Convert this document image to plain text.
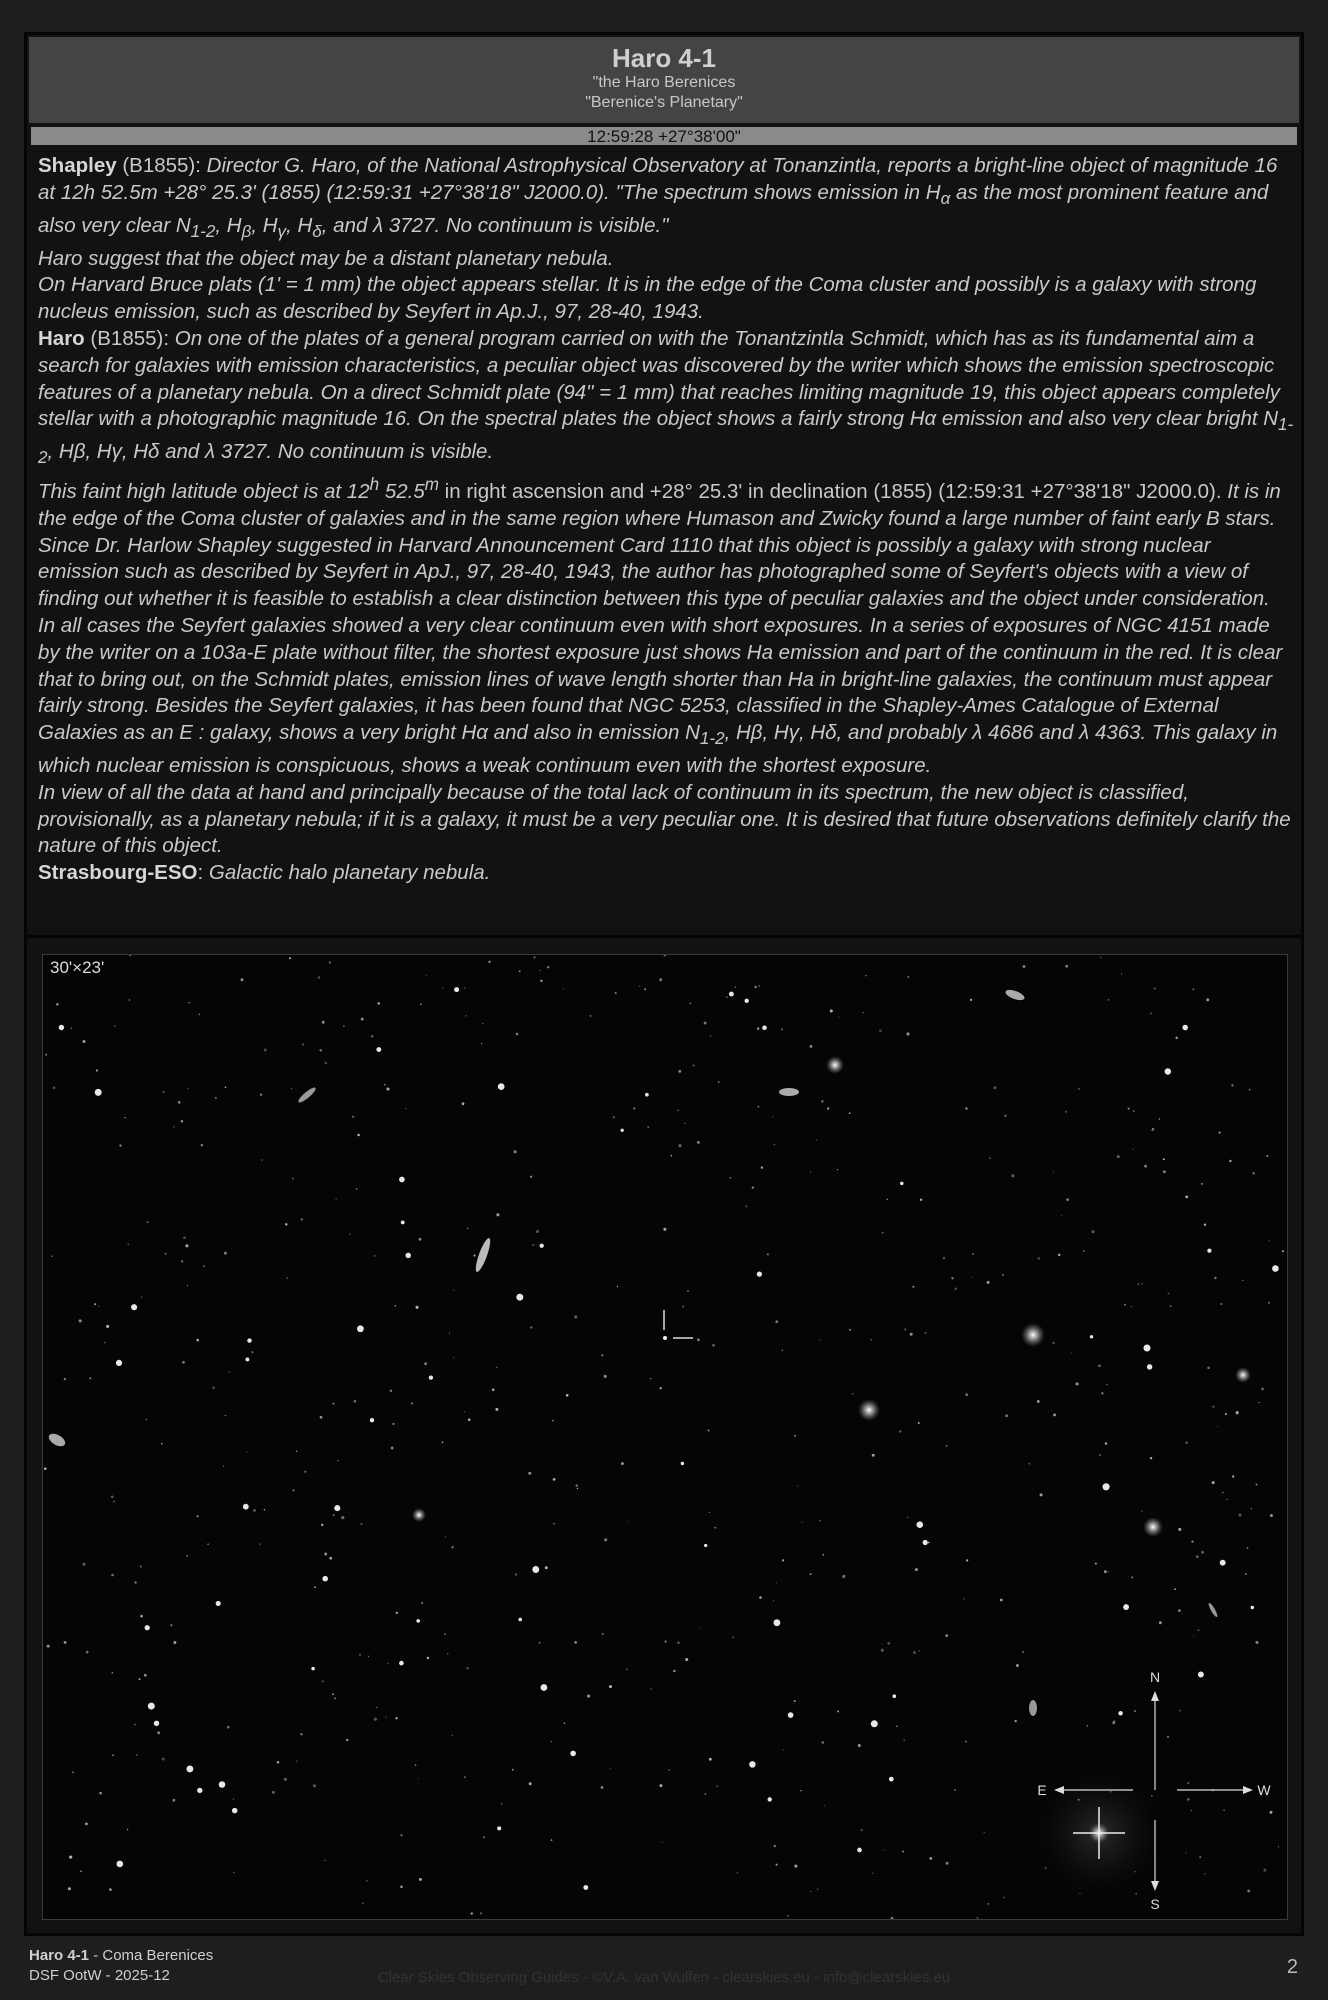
Haro 4-1
"the Haro Berenices
"Berenice's Planetary"
12:59:28 +27°38'00"

Shapley (B1855): Director G. Haro, of the National Astrophysical Observatory at Tonanzintla, reports a bright-line object of magnitude 16 at 12h 52.5m +28° 25.3' (1855) (12:59:31 +27°38'18" J2000.0). "The spectrum shows emission in $H_\alpha$ as the most prominent feature and also very clear $N_{1-2}$, $H_\beta$, $H_\gamma$, $H_\delta$, and λ 3727. No continuum is visible."

Haro suggest that the object may be a distant planetary nebula.

On Harvard Bruce plats (1' = 1 mm) the object appears stellar. It is in the edge of the Coma cluster and possibly is a galaxy with strong nucleus emission, such as described by Seyfert in Ap.J., 97, 28-40, 1943.

Haro (B1855): On one of the plates of a general program carried on with the Tonantzintla Schmidt, which has as its fundamental aim a search for galaxies with emission characteristics, a peculiar object was discovered by the writer which shows the emission spectroscopic features of a planetary nebula. On a direct Schmidt plate (94" = 1 mm) that reaches limiting magnitude 19, this object appears completely stellar with a photographic magnitude 16. On the spectral plates the object shows a fairly strong Hα emission and also very clear bright $N_{1-2}$, Hβ, Hγ, Hδ and λ 3727. No continuum is visible.

This faint high latitude object is at 12$^h$ 52.5$^m$ in right ascension and +28° 25.3' in declination (1855) (12:59:31 +27°38'18" J2000.0). It is in the edge of the Coma cluster of galaxies and in the same region where Humason and Zwicky found a large number of faint early B stars.

Since Dr. Harlow Shapley suggested in Harvard Announcement Card 1110 that this object is possibly a galaxy with strong nuclear emission such as described by Seyfert in ApJ., 97, 28-40, 1943, the author has photographed some of Seyfert's objects with a view of finding out whether it is feasible to establish a clear distinction between this type of peculiar galaxies and the object under consideration.

In all cases the Seyfert galaxies showed a very clear continuum even with short exposures. In a series of exposures of NGC 4151 made by the writer on a 103a-E plate without filter, the shortest exposure just shows Ha emission and part of the continuum in the red. It is clear that to bring out, on the Schmidt plates, emission lines of wave length shorter than Ha in bright-line galaxies, the continuum must appear fairly strong. Besides the Seyfert galaxies, it has been found that NGC 5253, classified in the Shapley-Ames Catalogue of External Galaxies as an E : galaxy, shows a very bright Hα and also in emission $N_{1-2}$, Hβ, Hγ, Hδ, and probably λ 4686 and λ 4363. This galaxy in which nuclear emission is conspicuous, shows a weak continuum even with the shortest exposure.

In view of all the data at hand and principally because of the total lack of continuum in its spectrum, the new object is classified, provisionally, as a planetary nebula; if it is a galaxy, it must be a very peculiar one. It is desired that future observations definitely clarify the nature of this object.

Strasbourg-ESO: Galactic halo planetary nebula.

N
S
E	W
30'×23'
Haro 4-1 - Coma Berenices
DSF OotW - 2025-12	Clear Skies Observing Guides - ©V.A. van Wulfen - clearskies.eu - info@clearskies.eu	2
